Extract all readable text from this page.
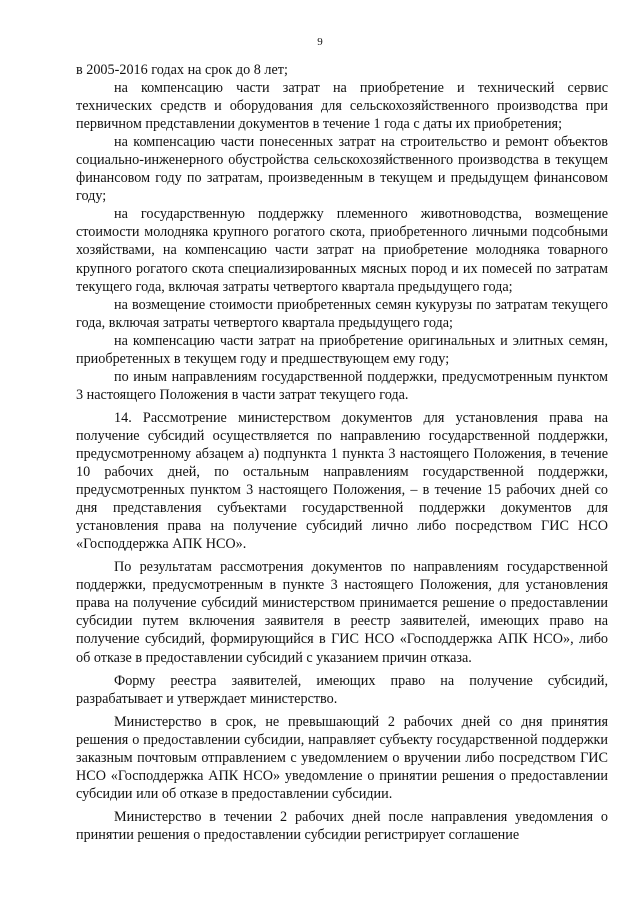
9

в 2005-2016 годах на срок до 8 лет;

на компенсацию части затрат на приобретение и технический сервис технических средств и оборудования для сельскохозяйственного производства при первичном представлении документов в течение 1 года с даты их приобретения;

на компенсацию части понесенных затрат на строительство и ремонт объектов социально-инженерного обустройства сельскохозяйственного производства в текущем финансовом году по затратам, произведенным в текущем и предыдущем финансовом году;

на государственную поддержку племенного животноводства, возмещение стоимости молодняка крупного рогатого скота, приобретенного личными подсобными хозяйствами, на компенсацию части затрат на приобретение молодняка товарного крупного рогатого скота специализированных мясных пород и их помесей по затратам текущего года, включая затраты четвертого квартала предыдущего года;

на возмещение стоимости приобретенных семян кукурузы по затратам текущего года, включая затраты четвертого квартала предыдущего года;

на компенсацию части затрат на приобретение оригинальных и элитных семян, приобретенных в текущем году и предшествующем ему году;

по иным направлениям государственной поддержки, предусмотренным пунктом 3 настоящего Положения в части затрат текущего года.

14. Рассмотрение министерством документов для установления права на получение субсидий осуществляется по направлению государственной поддержки, предусмотренному абзацем а) подпункта 1 пункта 3 настоящего Положения, в течение 10 рабочих дней, по остальным направлениям государственной поддержки, предусмотренных пунктом 3 настоящего Положения, – в течение 15 рабочих дней со дня представления субъектами государственной поддержки документов для установления права на получение субсидий лично либо посредством ГИС НСО «Господдержка АПК НСО».

По результатам рассмотрения документов по направлениям государственной поддержки, предусмотренным в пункте 3 настоящего Положения, для установления права на получение субсидий министерством принимается решение о предоставлении субсидии путем включения заявителя в реестр заявителей, имеющих право на получение субсидий, формирующийся в ГИС НСО «Господдержка АПК НСО», либо об отказе в предоставлении субсидий с указанием причин отказа.

Форму реестра заявителей, имеющих право на получение субсидий, разрабатывает и утверждает министерство.

Министерство в срок, не превышающий 2 рабочих дней со дня принятия решения о предоставлении субсидии, направляет субъекту государственной поддержки заказным почтовым отправлением с уведомлением о вручении либо посредством ГИС НСО «Господдержка АПК НСО» уведомление о принятии решения о предоставлении субсидии или об отказе в предоставлении субсидии.

Министерство в течении 2 рабочих дней после направления уведомления о принятии решения о предоставлении субсидии регистрирует соглашение
